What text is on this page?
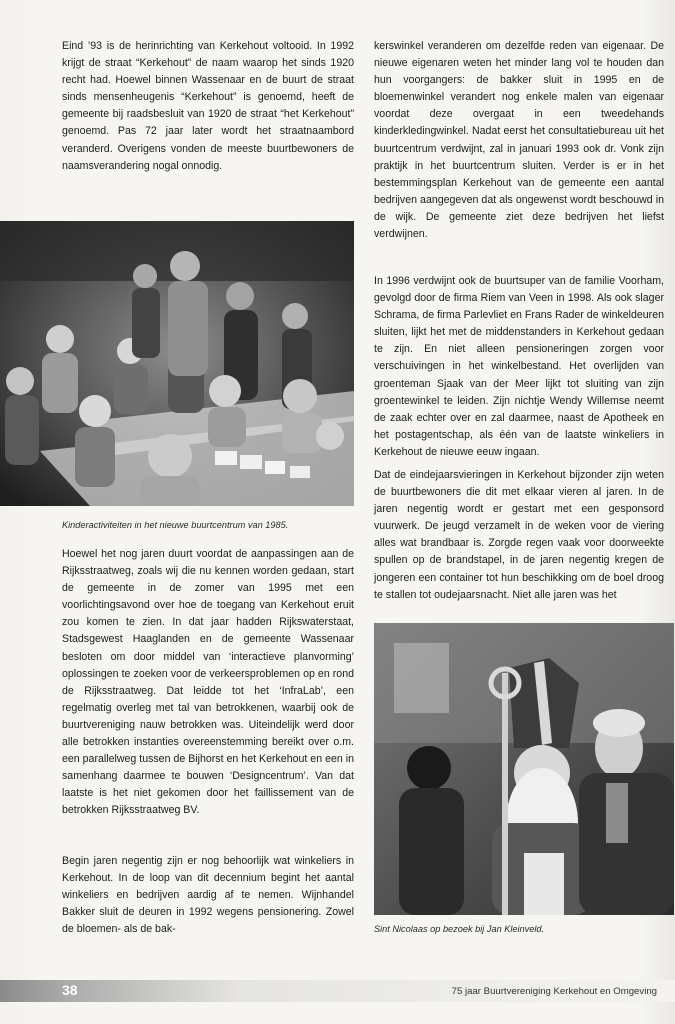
Eind ’93 is de herinrichting van Kerkehout voltooid. In 1992 krijgt de straat “Kerkehout” de naam waarop het sinds 1920 recht had. Hoewel binnen Wassenaar en de buurt de straat sinds mensenheugenis “Kerkehout” is genoemd, heeft de gemeente bij raadsbesluit van 1920 de straat “het Kerkehout” genoemd. Pas 72 jaar later wordt het straatnaambord veranderd. Overigens vonden de meeste buurtbewoners de naamsverandering nogal onnodig.

Kinderactiviteiten in het nieuwe buurtcentrum van 1985.

Hoewel het nog jaren duurt voordat de aanpassingen aan de Rijksstraatweg, zoals wij die nu kennen worden gedaan, start de gemeente in de zomer van 1995 met een voorlichtingsavond over hoe de toegang van Kerkehout eruit zou komen te zien. In dat jaar hadden Rijkswaterstaat, Stadsgewest Haaglanden en de gemeente Wassenaar besloten om door middel van ‘interactieve planvorming’ oplossingen te zoeken voor de verkeersproblemen op en rond de Rijksstraatweg. Dat leidde tot het ‘InfraLab’, een regelmatig overleg met tal van betrokkenen, waarbij ook de buurtvereniging nauw betrokken was. Uiteindelijk werd door alle betrokken instanties overeenstemming bereikt over o.m. een parallelweg tussen de Bijhorst en het Kerkehout en een in samenhang daarmee te bouwen ‘Designcentrum’. Van dat laatste is het niet gekomen door het faillissement van de betrokken Rijksstraatweg BV.

Begin jaren negentig zijn er nog behoorlijk wat winkeliers in Kerkehout. In de loop van dit decennium begint het aantal winkeliers en bedrijven aardig af te nemen. Wijnhandel Bakker sluit de deuren in 1992 wegens pensionering. Zowel de bloemen- als de bak-

kerswinkel veranderen om dezelfde reden van eigenaar. De nieuwe eigenaren weten het minder lang vol te houden dan hun voorgangers: de bakker sluit in 1995 en de bloemenwinkel verandert nog enkele malen van eigenaar voordat deze overgaat in een tweedehands kinderkledingwinkel. Nadat eerst het consultatiebureau uit het buurtcentrum verdwijnt, zal in januari 1993 ook dr. Vonk zijn praktijk in het buurtcentrum sluiten. Verder is er in het bestemmingsplan Kerkehout van de gemeente een aantal bedrijven aangegeven dat als ongewenst wordt beschouwd in de wijk. De gemeente ziet deze bedrijven het liefst verdwijnen.

In 1996 verdwijnt ook de buurtsuper van de familie Voorham, gevolgd door de firma Riem van Veen in 1998. Als ook slager Schrama, de firma Parlevliet en Frans Rader de winkeldeuren sluiten, lijkt het met de middenstanders in Kerkehout gedaan te zijn. En niet alleen pensioneringen zorgen voor verschuivingen in het winkelbestand. Het overlijden van groenteman Sjaak van der Meer lijkt tot sluiting van zijn groentewinkel te leiden. Zijn nichtje Wendy Willemse neemt de zaak echter over en zal daarmee, naast de Apotheek en het postagentschap, als één van de laatste winkeliers in Kerkehout de nieuwe eeuw ingaan.

Dat de eindejaarsvieringen in Kerkehout bijzonder zijn weten de buurtbewoners die dit met elkaar vieren al jaren. In de jaren negentig wordt er gestart met een gesponsord vuurwerk. De jeugd verzamelt in de weken voor de viering alles wat brandbaar is. Zorgde regen vaak voor doorweekte spullen op de brandstapel, in de jaren negentig kregen de jongeren een container tot hun beschikking om de boel droog te stallen tot oudejaarsnacht. Niet alle jaren was het

Sint Nicolaas op bezoek bij Jan Kleinveld.
38	75 jaar Buurtvereniging Kerkehout en Omgeving
